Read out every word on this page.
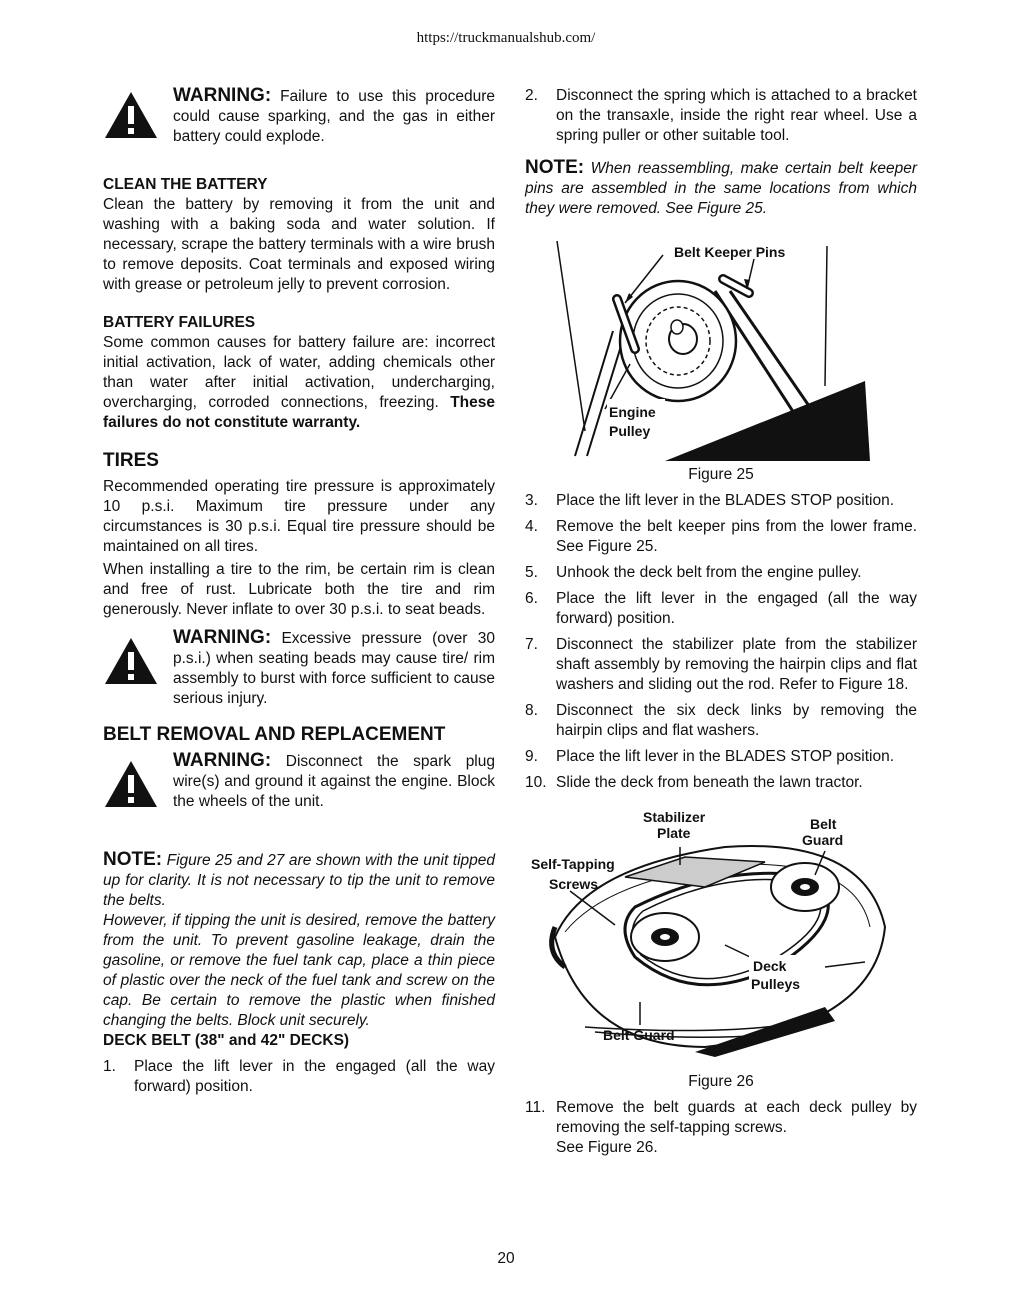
https://truckmanualshub.com/
WARNING: Failure to use this procedure could cause sparking, and the gas in either battery could explode.

CLEAN THE BATTERY

Clean the battery by removing it from the unit and washing with a baking soda and water solution. If necessary, scrape the battery terminals with a wire brush to remove deposits. Coat terminals and exposed wiring with grease or petroleum jelly to prevent corrosion.

BATTERY FAILURES

Some common causes for battery failure are: incorrect initial activation, lack of water, adding chemicals other than water after initial activation, undercharging, overcharging, corroded connections, freezing. These failures do not constitute warranty.

TIRES

Recommended operating tire pressure is approximately 10 p.s.i. Maximum tire pressure under any circumstances is 30 p.s.i. Equal tire pressure should be maintained on all tires.

When installing a tire to the rim, be certain rim is clean and free of rust. Lubricate both the tire and rim generously. Never inflate to over 30 p.s.i. to seat beads.

WARNING: Excessive pressure (over 30 p.s.i.) when seating beads may cause tire/ rim assembly to burst with force sufficient to cause serious injury.

BELT REMOVAL AND REPLACEMENT

WARNING: Disconnect the spark plug wire(s) and ground it against the engine. Block the wheels of the unit.
NOTE: Figure 25 and 27 are shown with the unit tipped up for clarity. It is not necessary to tip the unit to remove the belts.
However, if tipping the unit is desired, remove the battery from the unit. To prevent gasoline leakage, drain the gasoline, or remove the fuel tank cap, place a thin piece of plastic over the neck of the fuel tank and screw on the cap. Be certain to remove the plastic when finished changing the belts. Block unit securely.

DECK BELT (38" and 42" DECKS)

1. Place the lift lever in the engaged (all the way forward) position.
2. Disconnect the spring which is attached to a bracket on the transaxle, inside the right rear wheel. Use a spring puller or other suitable tool.
NOTE: When reassembling, make certain belt keeper pins are assembled in the same locations from which they were removed. See Figure 25.
Belt Keeper Pins
Engine
Pulley
Figure 25
3. Place the lift lever in the BLADES STOP position.
4. Remove the belt keeper pins from the lower frame. See Figure 25.
5. Unhook the deck belt from the engine pulley.
6. Place the lift lever in the engaged (all the way forward) position.
7. Disconnect the stabilizer plate from the stabilizer shaft assembly by removing the hairpin clips and flat washers and sliding out the rod. Refer to Figure 18.
8. Disconnect the six deck links by removing the hairpin clips and flat washers.
9. Place the lift lever in the BLADES STOP position.
10. Slide the deck from beneath the lawn tractor.
Stabilizer
Plate
Belt
Guard
Self-Tapping
Screws
Deck
Pulleys
Belt Guard
Figure 26
11. Remove the belt guards at each deck pulley by removing the self-tapping screws.
See Figure 26.
20
